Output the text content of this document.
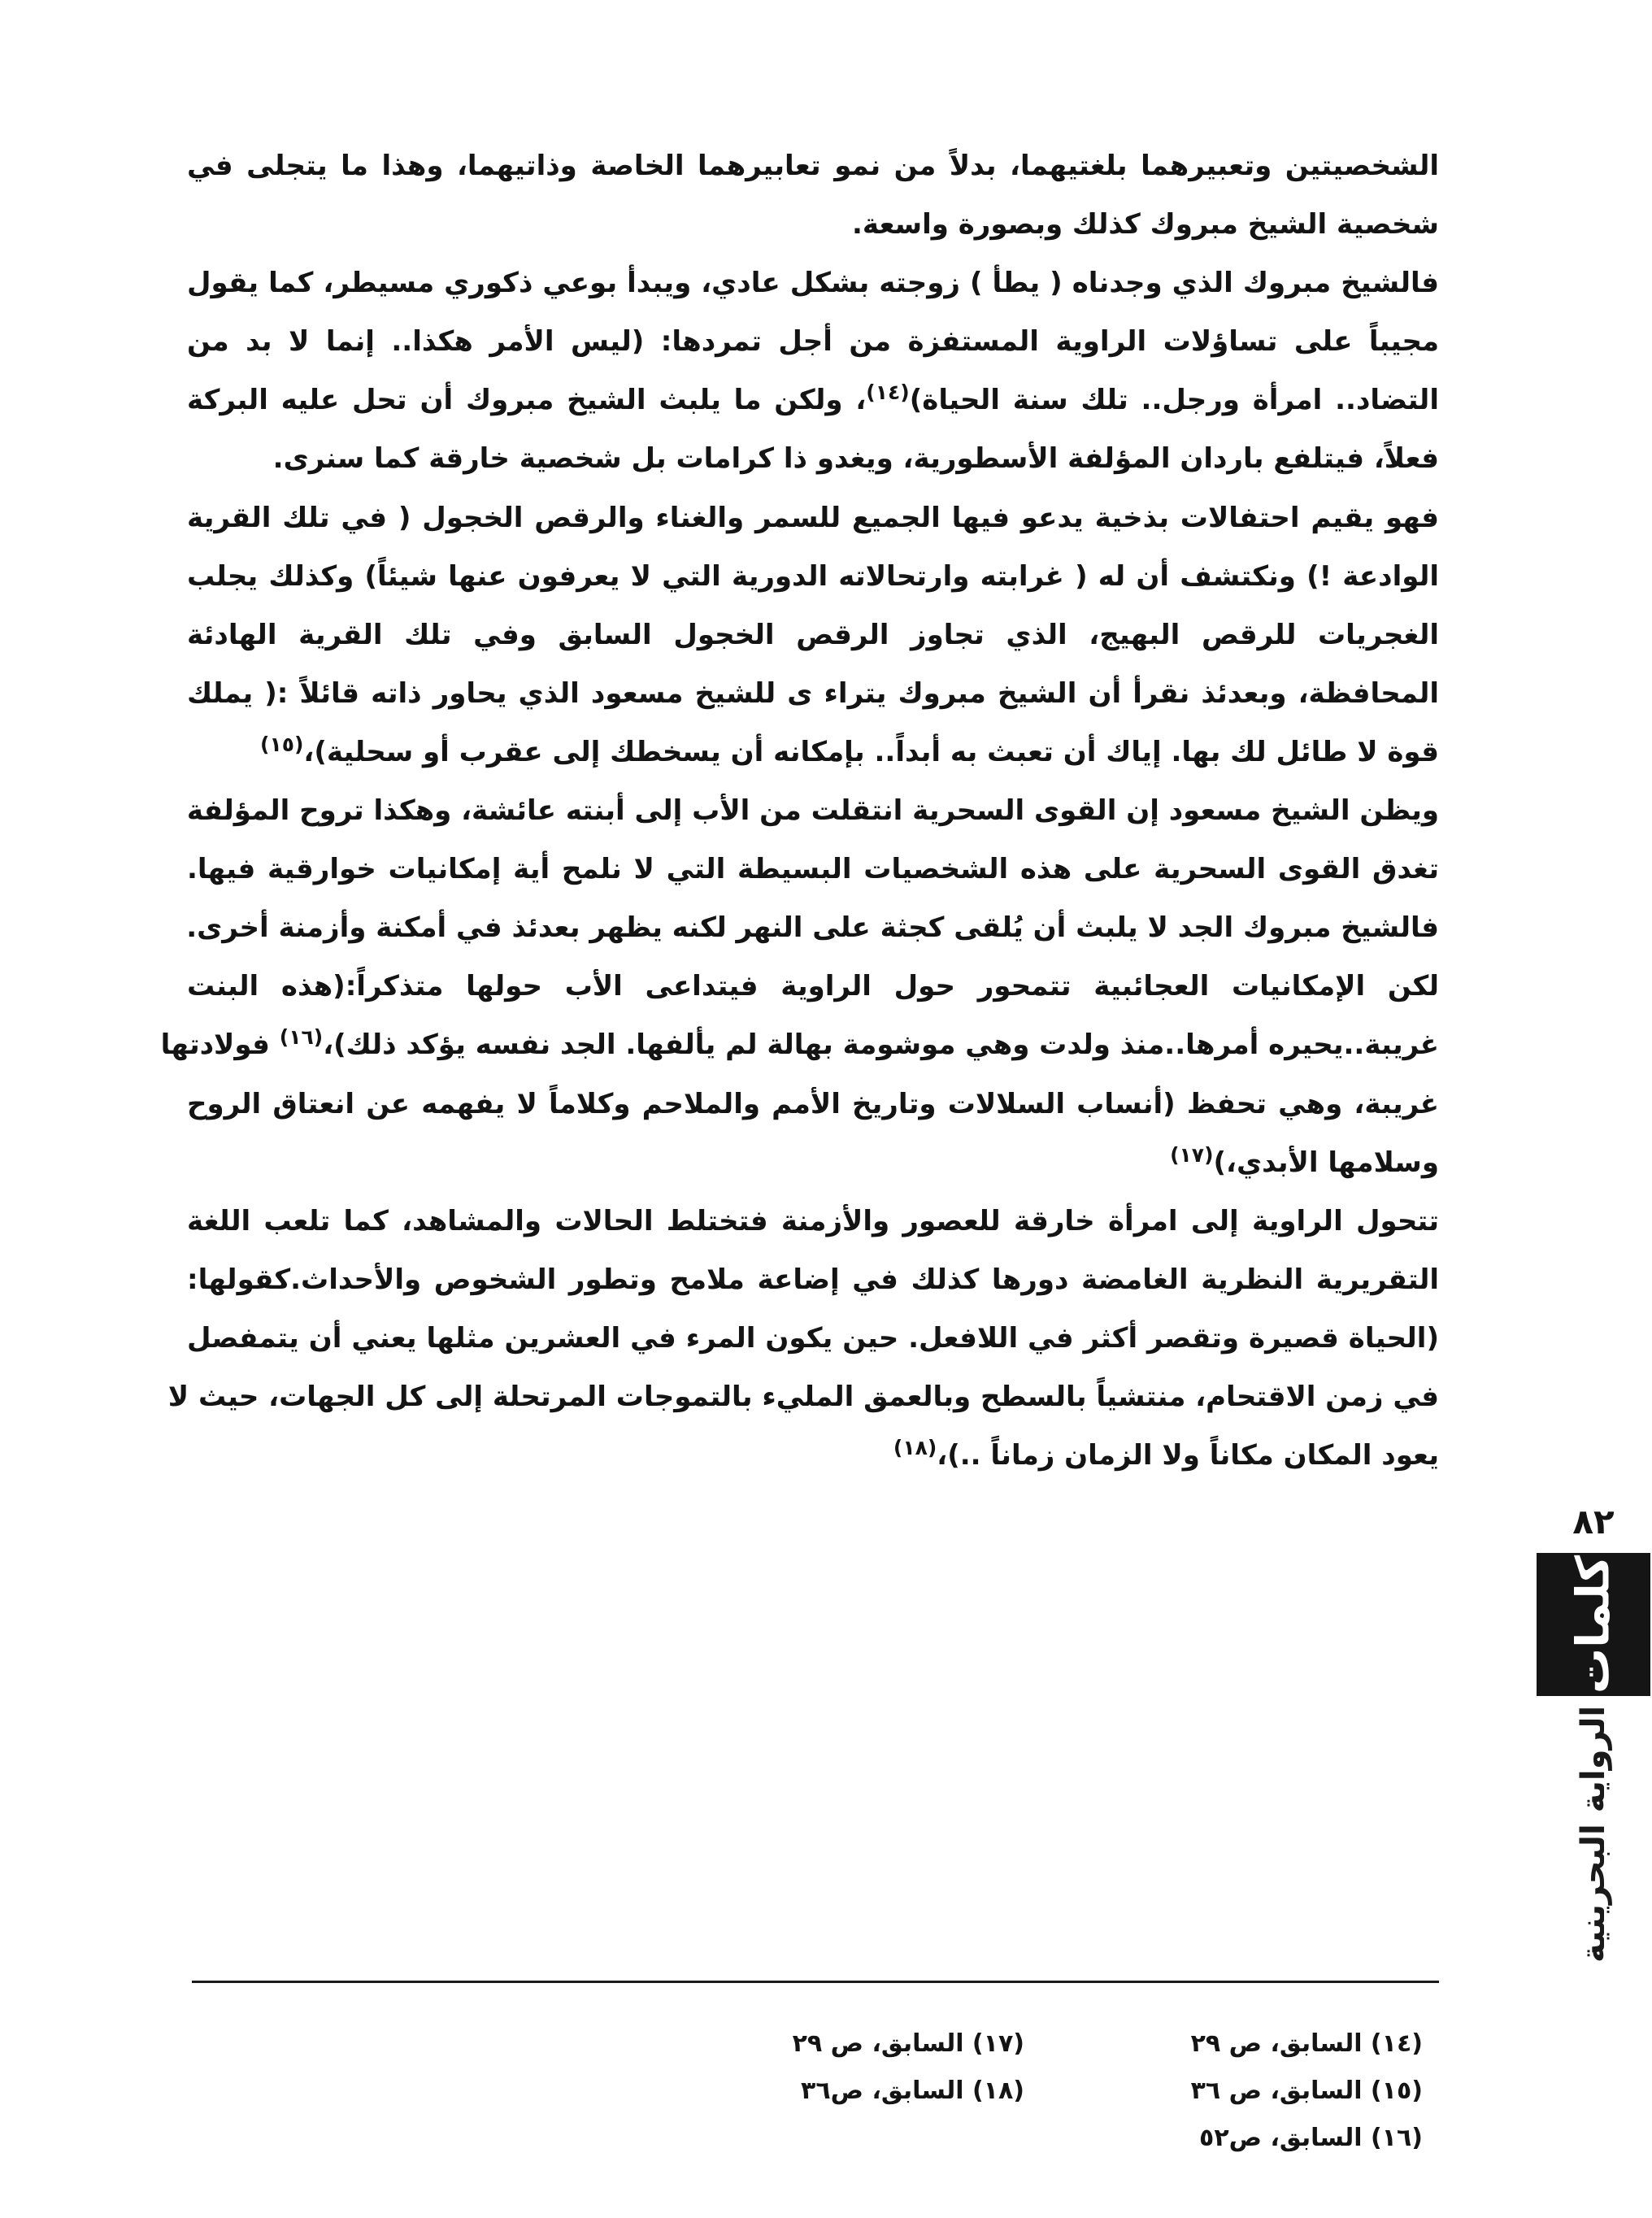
الشخصيتين وتعبيرهما بلغتيهما، بدلاً من نمو تعابيرهما الخاصة وذاتيهما، وهذا ما يتجلى في
شخصية الشيخ مبروك كذلك وبصورة واسعة.
فالشيخ مبروك الذي وجدناه ( يطأ ) زوجته بشكل عادي، ويبدأ بوعي ذكوري مسيطر، كما يقول
مجيباً على تساؤلات الراوية المستفزة من أجل تمردها: (ليس الأمر هكذا.. إنما لا بد من
التضاد.. امرأة ورجل.. تلك سنة الحياة)$^{(١٤)}$، ولكن ما يلبث الشيخ مبروك أن تحل عليه البركة
فعلاً، فيتلفع باردان المؤلفة الأسطورية، ويغدو ذا كرامات بل شخصية خارقة كما سنرى.
فهو يقيم احتفالات بذخية يدعو فيها الجميع للسمر والغناء والرقص الخجول ( في تلك القرية
الوادعة !) ونكتشف أن له ( غرابته وارتحالاته الدورية التي لا يعرفون عنها شيئاً) وكذلك يجلب
الغجريات للرقص البهيج، الذي تجاوز الرقص الخجول السابق وفي تلك القرية الهادئة
المحافظة، وبعدئذ نقرأ أن الشيخ مبروك يتراء ى للشيخ مسعود الذي يحاور ذاته قائلاً :( يملك
قوة لا طائل لك بها. إياك أن تعبث به أبداً.. بإمكانه أن يسخطك إلى عقرب أو سحلية)،$^{(١٥)}$
ويظن الشيخ مسعود إن القوى السحرية انتقلت من الأب إلى أبنته عائشة، وهكذا تروح المؤلفة
تغدق القوى السحرية على هذه الشخصيات البسيطة التي لا نلمح أية إمكانيات خوارقية فيها.
فالشيخ مبروك الجد لا يلبث أن يُلقى كجثة على النهر لكنه يظهر بعدئذ في أمكنة وأزمنة أخرى.
لكن الإمكانيات العجائبية تتمحور حول الراوية فيتداعى الأب حولها متذكراً:(هذه البنت
غريبة..يحيره أمرها..منذ ولدت وهي موشومة بهالة لم يألفها. الجد نفسه يؤكد ذلك)،$^{(١٦)}$ فولادتها
غريبة، وهي تحفظ (أنساب السلالات وتاريخ الأمم والملاحم وكلاماً لا يفهمه عن انعتاق الروح
وسلامها الأبدي،)$^{(١٧)}$
تتحول الراوية إلى امرأة خارقة للعصور والأزمنة فتختلط الحالات والمشاهد، كما تلعب اللغة
التقريرية النظرية الغامضة دورها كذلك في إضاعة ملامح وتطور الشخوص والأحداث.كقولها:
(الحياة قصيرة وتقصر أكثر في اللافعل. حين يكون المرء في العشرين مثلها يعني أن يتمفصل
في زمن الاقتحام، منتشياً بالسطح وبالعمق المليء بالتموجات المرتحلة إلى كل الجهات، حيث لا
يعود المكان مكاناً ولا الزمان زماناً ..)،$^{(١٨)}$
٨٢
كلمات
الرواية البحرينية
(١٤) السابق، ص ٢٩
(١٥) السابق، ص ٣٦
(١٦) السابق، ص٥٢
(١٧) السابق، ص ٢٩
(١٨) السابق، ص٣٦
